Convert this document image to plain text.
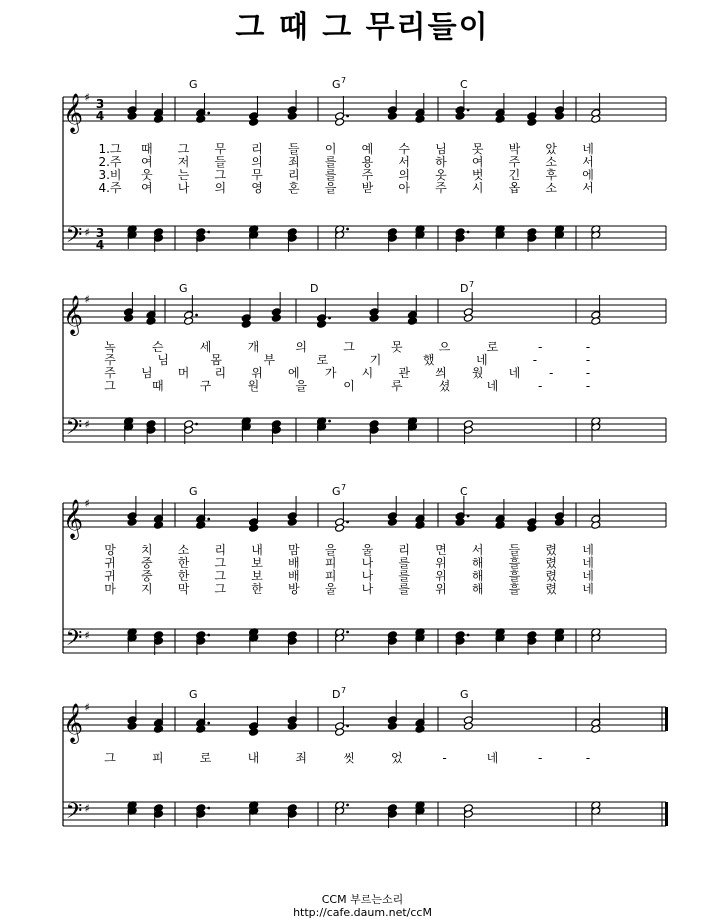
그 때 그 무리들이
𝄞
𝄢
♯
♯
3
4
3
4
G	G 7	C
1.그 때 그 무 리 들 이 예 수 님 못 박 았 네
2.주 여 저 들 의 죄 를 용 서 하 여 주 소 서
3.비 웃 는 그 무 리 를 주 의 옷 벗 긴 후 에
4.주 여 나 의 영 혼 을 받 아 주 시 옵 소 서
𝄞
𝄢
♯
♯
G	D	D 7
녹	슨	세	개	의	그	못	으	로	-	-
주	님	몸	부	로	기	했	네	-	-
주 님 머 리 위 에 가 시 관 씌 웠 네 -	-
그	때	구	원	을	이	루	셨	네	-	-
𝄞
𝄢
♯
♯
G	G 7	C
망 치 소 리 내 맘 을 울 리 면 서 들 렸 네
귀 중 한 그 보 배 피 나 를 위 해 흘 렸 네
귀 중 한 그 보 배 피 나 를 위 해 흘 렸 네
마 지 막 그 한 방 울 나 를 위 해 흘 렸 네
𝄞
𝄢
♯
♯
G	D 7	G
그	피	로	내	죄	씻	었	-	네	-	-
CCM 부르는소리
http://cafe.daum.net/ccM
